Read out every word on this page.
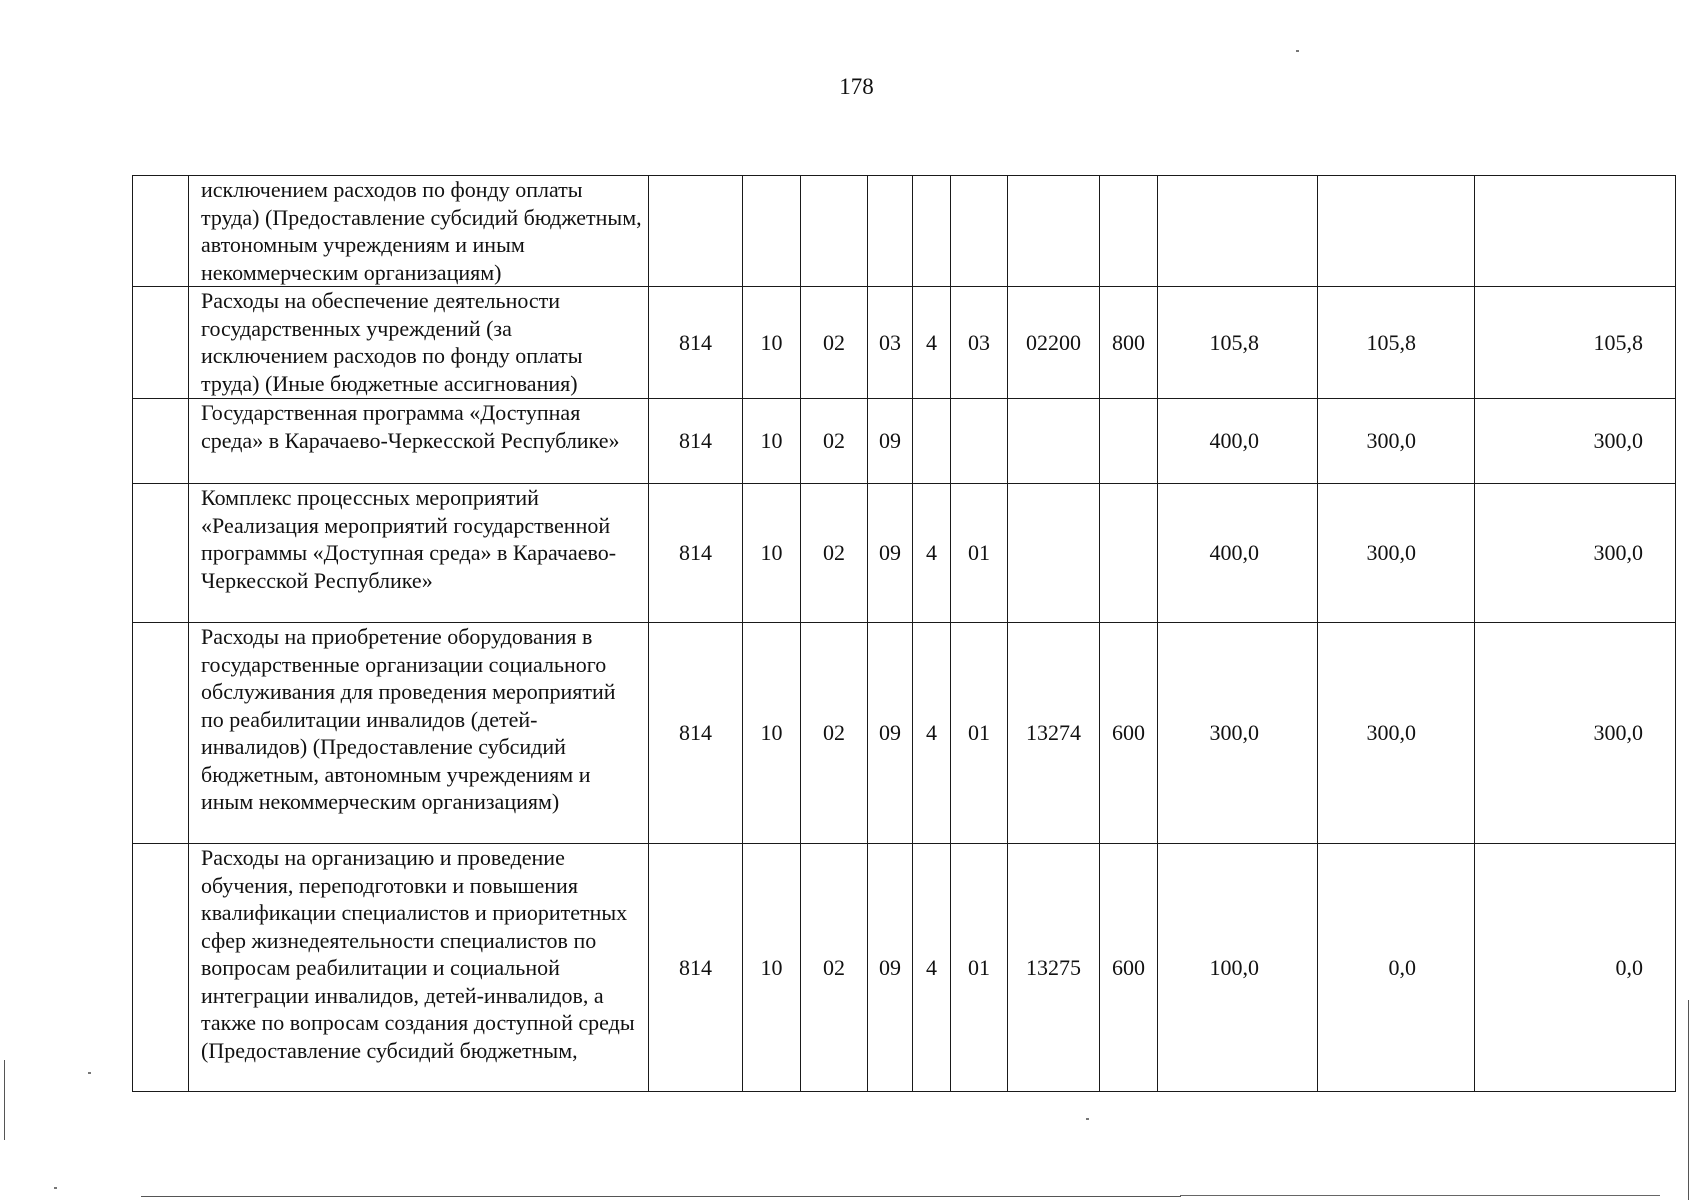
178
	исключением расходов по фонду оплаты труда) (Предоставление субсидий бюджетным, автономным учреждениям и иным некоммерческим организациям)											
	Расходы на обеспечение деятельности государственных учреждений (за исключением расходов по фонду оплаты труда) (Иные бюджетные ассигнования)	814	10	02	03	4	03	02200	800	105,8	105,8	105,8
	Государственная программа «Доступная среда» в Карачаево-Черкесской Республике»	814	10	02	09					400,0	300,0	300,0
	Комплекс процессных мероприятий «Реализация мероприятий государственной программы «Доступная среда» в Карачаево-Черкесской Республике»	814	10	02	09	4	01			400,0	300,0	300,0
	Расходы на приобретение оборудования в государственные организации социального обслуживания для проведения мероприятий по реабилитации инвалидов (детей-инвалидов) (Предоставление субсидий бюджетным, автономным учреждениям и иным некоммерческим организациям)	814	10	02	09	4	01	13274	600	300,0	300,0	300,0
	Расходы на организацию и проведение обучения, переподготовки и повышения квалификации специалистов и приоритетных сфер жизнедеятельности специалистов по вопросам реабилитации и социальной интеграции инвалидов, детей-инвалидов, а также по вопросам создания доступной среды (Предоставление субсидий бюджетным,	814	10	02	09	4	01	13275	600	100,0	0,0	0,0
